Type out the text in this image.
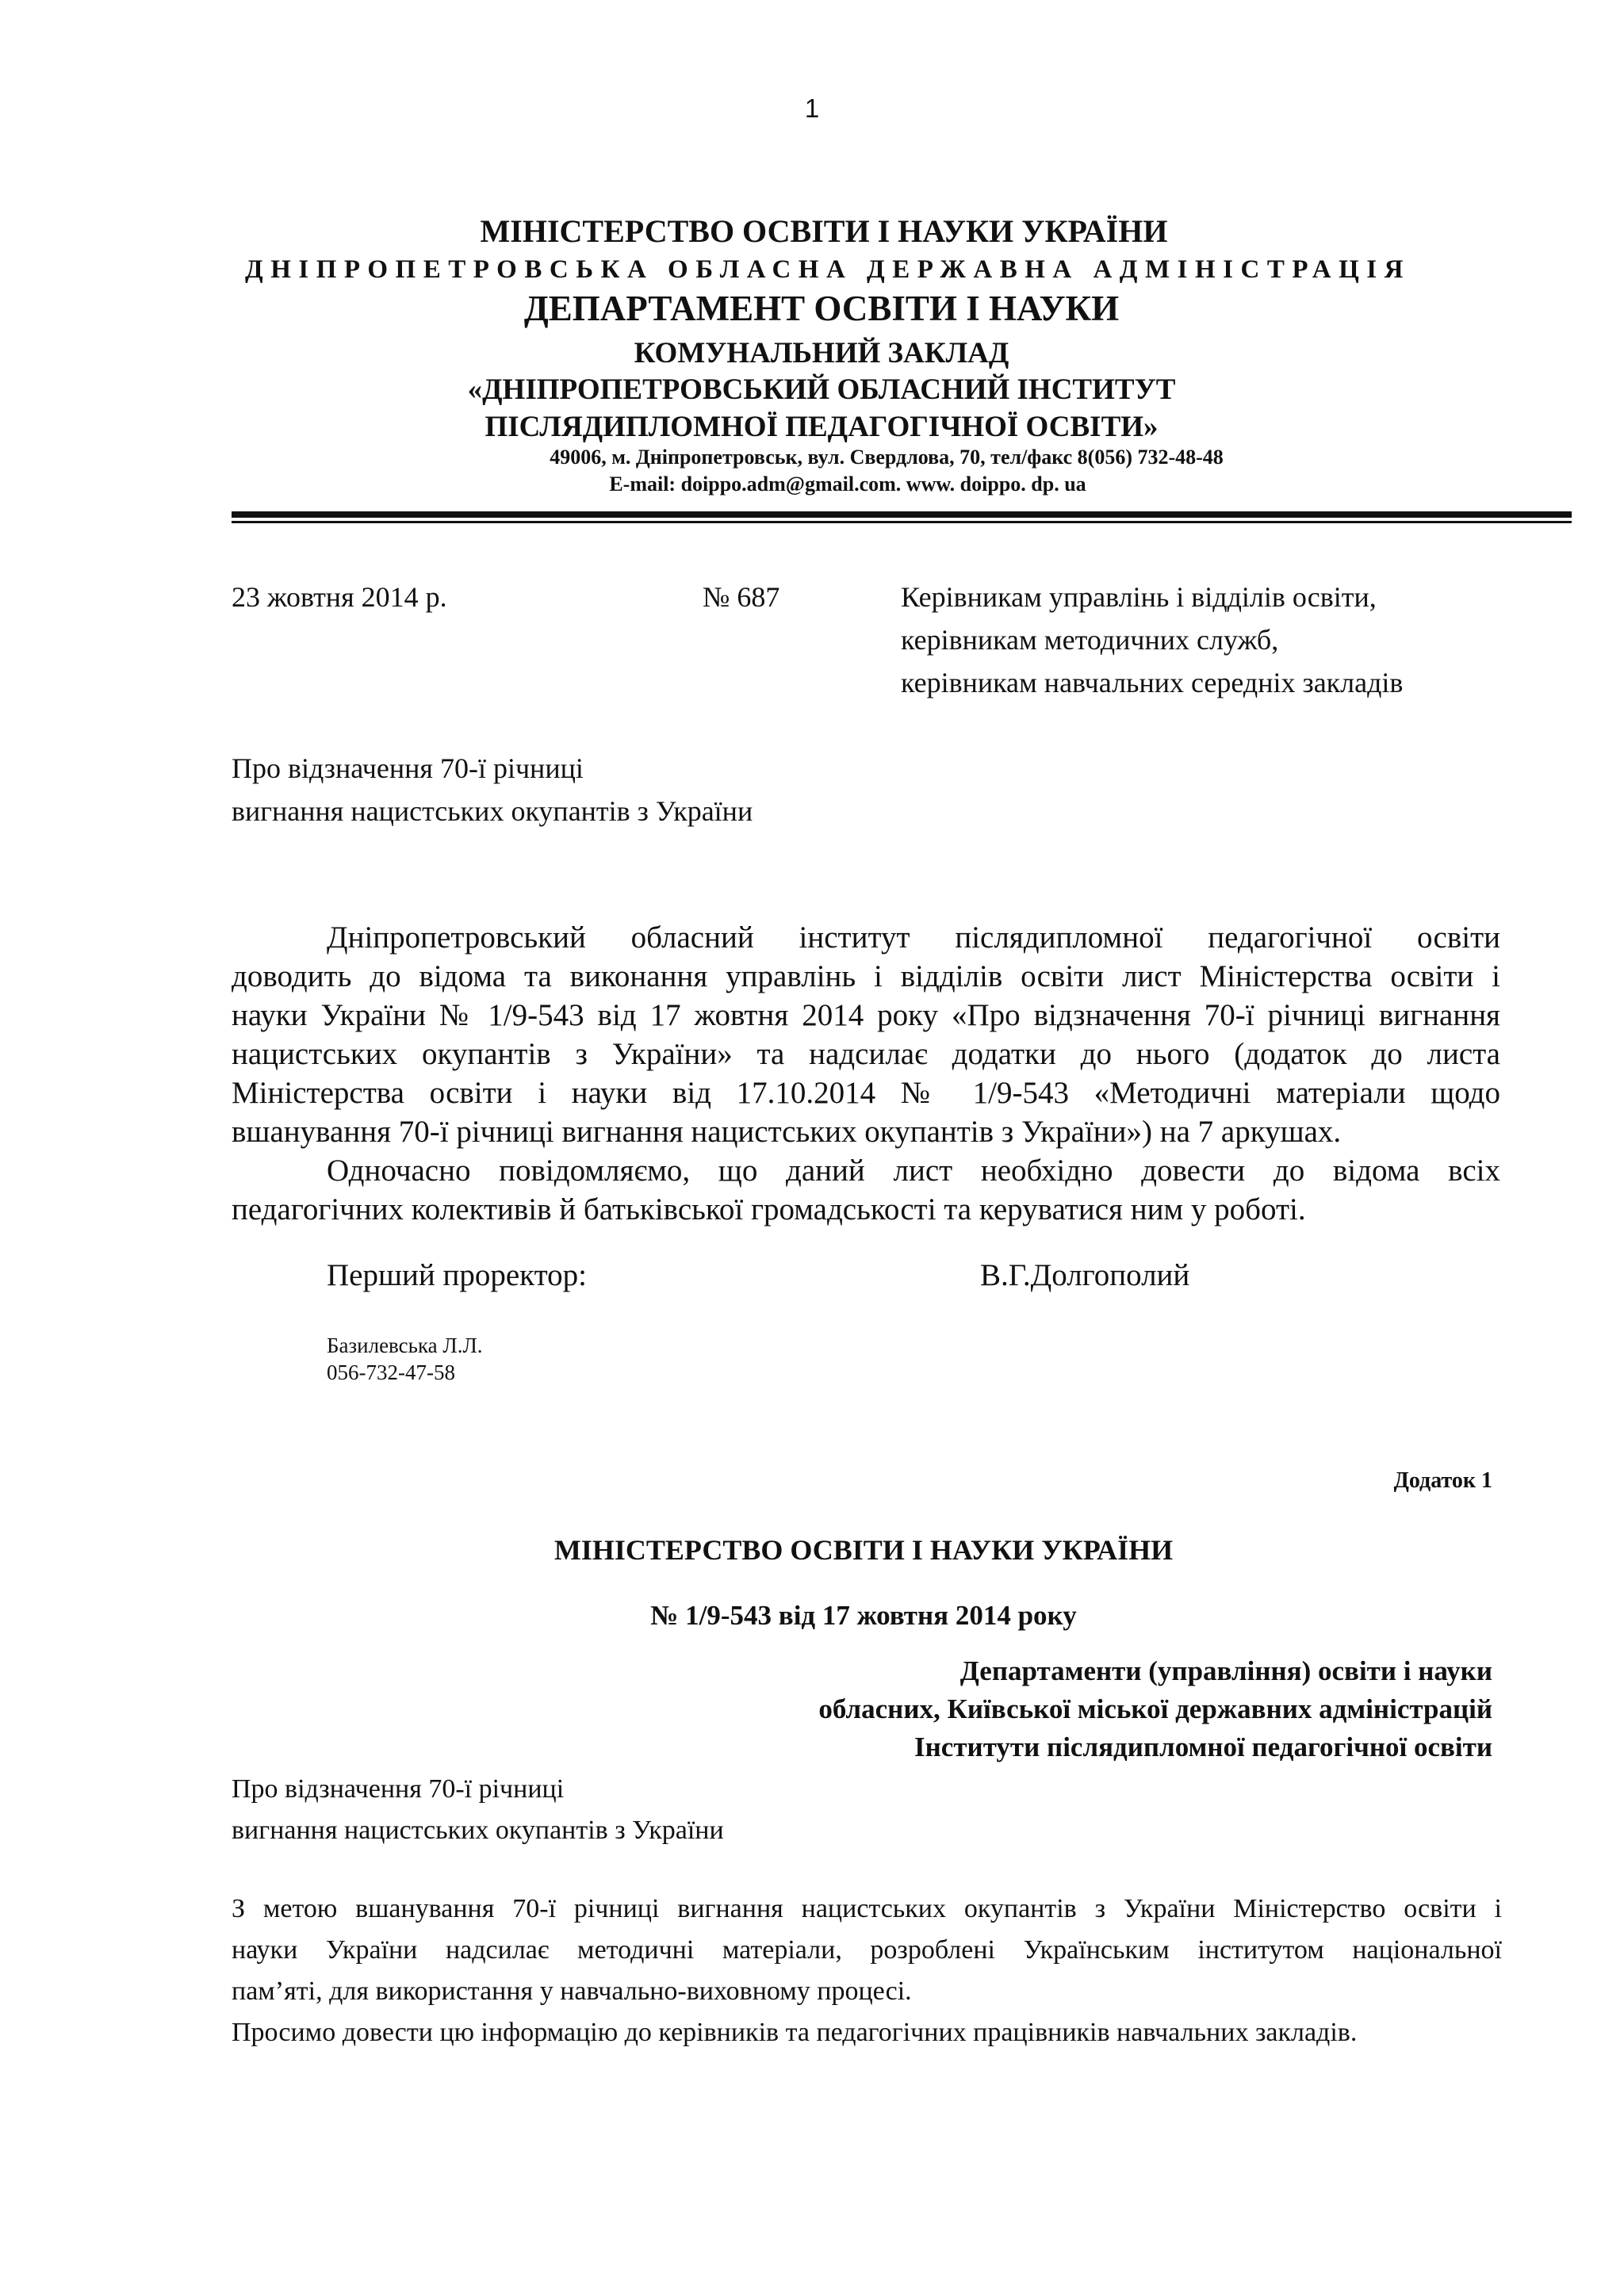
1
МІНІСТЕРСТВО ОСВІТИ І НАУКИ УКРАЇНИ
ДНІПРОПЕТРОВСЬКА ОБЛАСНА ДЕРЖАВНА АДМІНІСТРАЦІЯ
ДЕПАРТАМЕНТ ОСВІТИ І НАУКИ
КОМУНАЛЬНИЙ ЗАКЛАД
«ДНІПРОПЕТРОВСЬКИЙ ОБЛАСНИЙ ІНСТИТУТ
ПІСЛЯДИПЛОМНОЇ ПЕДАГОГІЧНОЇ ОСВІТИ»
49006, м. Дніпропетровськ, вул. Свердлова, 70, тел/факс 8(056) 732-48-48
E-mail: doippo.adm@gmail.com. www. doippo. dp. ua
23 жовтня 2014 р.	№ 687	Керівникам управлінь і відділів освіти,
керівникам методичних служб,
керівникам навчальних середніх закладів
Про відзначення 70-ї річниці
вигнання нацистських окупантів з України

Дніпропетровський обласний інститут післядипломної педагогічної освіти

доводить до відома та виконання управлінь і відділів освіти лист Міністерства освіти і

науки України № 1/9-543 від 17 жовтня 2014 року «Про відзначення 70-ї річниці вигнання

нацистських окупантів з України» та надсилає додатки до нього (додаток до листа

Міністерства освіти і науки від 17.10.2014 № 1/9-543 «Методичні матеріали щодо

вшанування 70-ї річниці вигнання нацистських окупантів з України») на 7 аркушах.

Одночасно повідомляємо, що даний лист необхідно довести до відома всіх

педагогічних колективів й батьківської громадськості та керуватися ним у роботі.

Перший проректор:	В.Г.Долгополий
Базилевська Л.Л.
056-732-47-58
Додаток 1
МІНІСТЕРСТВО ОСВІТИ І НАУКИ УКРАЇНИ
№ 1/9-543 від 17 жовтня 2014 року
Департаменти (управління) освіти і науки
обласних, Київської міської державних адміністрацій
Інститути післядипломної педагогічної освіти
Про відзначення 70-ї річниці
вигнання нацистських окупантів з України

З метою вшанування 70-ї річниці вигнання нацистських окупантів з України Міністерство освіти і

науки України надсилає методичні матеріали, розроблені Українським інститутом національної

пам’яті, для використання у навчально-виховному процесі.

Просимо довести цю інформацію до керівників та педагогічних працівників навчальних закладів.
